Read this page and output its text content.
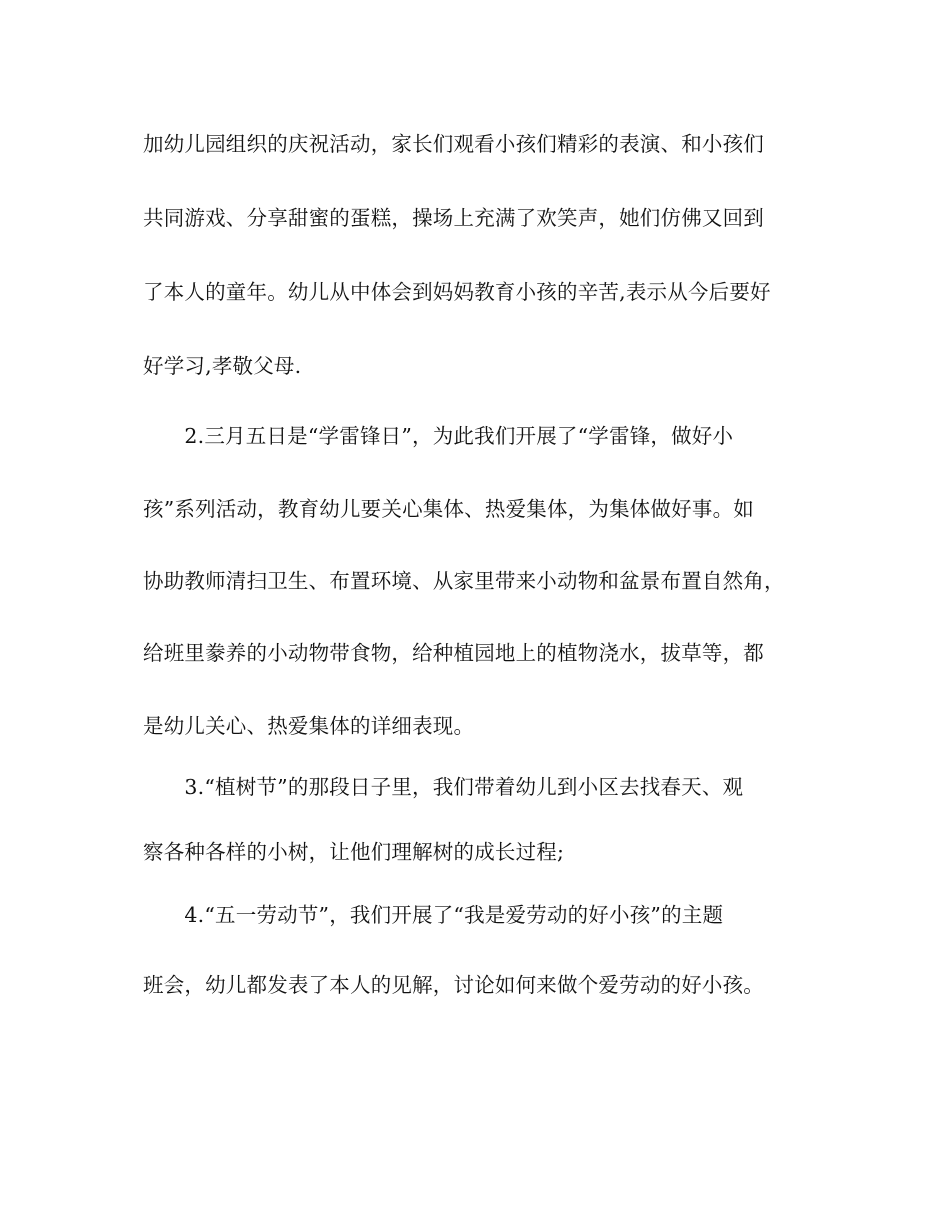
加幼儿园组织的庆祝活动，家长们观看小孩们精彩的表演、和小孩们
共同游戏、分享甜蜜的蛋糕，操场上充满了欢笑声，她们仿佛又回到
了本人的童年。幼儿从中体会到妈妈教育小孩的辛苦,表示从今后要好
好学习,孝敬父母.
　　2.三月五日是“学雷锋日”，为此我们开展了“学雷锋，做好小
孩”系列活动，教育幼儿要关心集体、热爱集体，为集体做好事。如
协助教师清扫卫生、布置环境、从家里带来小动物和盆景布置自然角，
给班里豢养的小动物带食物，给种植园地上的植物浇水，拔草等，都
是幼儿关心、热爱集体的详细表现。
　　3.“植树节”的那段日子里，我们带着幼儿到小区去找春天、观
察各种各样的小树，让他们理解树的成长过程;
　　4.“五一劳动节”，我们开展了“我是爱劳动的好小孩”的主题
班会，幼儿都发表了本人的见解，讨论如何来做个爱劳动的好小孩。
